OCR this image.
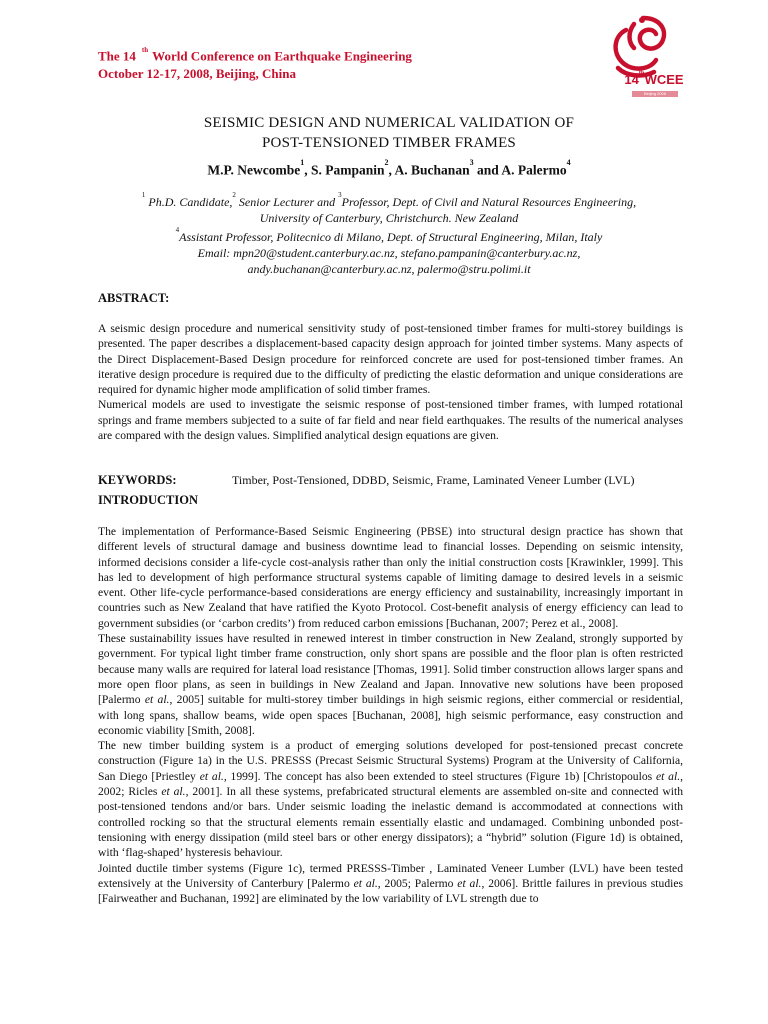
The 14 $^{th}$ World Conference on Earthquake Engineering
October 12-17, 2008, Beijing, China	14thWCEE
Beijing 2008
SEISMIC DESIGN AND NUMERICAL VALIDATION OF
POST-TENSIONED TIMBER FRAMES
M.P. Newcombe$^1$, S. Pampanin$^2$, A. Buchanan$^3$ and A. Palermo$^4$
$^1$ Ph.D. Candidate,$^2$ Senior Lecturer and $^3$Professor, Dept. of Civil and Natural Resources Engineering,
University of Canterbury, Christchurch. New Zealand
$^4$Assistant Professor, Politecnico di Milano, Dept. of Structural Engineering, Milan, Italy
Email: mpn20@student.canterbury.ac.nz, stefano.pampanin@canterbury.ac.nz,
andy.buchanan@canterbury.ac.nz, palermo@stru.polimi.it
ABSTRACT:

A seismic design procedure and numerical sensitivity study of post-tensioned timber frames for multi-storey buildings is presented. The paper describes a displacement-based capacity design approach for jointed timber systems. Many aspects of the Direct Displacement-Based Design procedure for reinforced concrete are used for post-tensioned timber frames. An iterative design procedure is required due to the difficulty of predicting the elastic deformation and unique considerations are required for dynamic higher mode amplification of solid timber frames.

Numerical models are used to investigate the seismic response of post-tensioned timber frames, with lumped rotational springs and frame members subjected to a suite of far field and near field earthquakes. The results of the numerical analyses are compared with the design values. Simplified analytical design equations are given.

KEYWORDS:	Timber, Post-Tensioned, DDBD, Seismic, Frame, Laminated Veneer Lumber (LVL)
INTRODUCTION

The implementation of Performance-Based Seismic Engineering (PBSE) into structural design practice has shown that different levels of structural damage and business downtime lead to financial losses. Depending on seismic intensity, informed decisions consider a life-cycle cost-analysis rather than only the initial construction costs [Krawinkler, 1999]. This has led to development of high performance structural systems capable of limiting damage to desired levels in a seismic event. Other life-cycle performance-based considerations are energy efficiency and sustainability, increasingly important in countries such as New Zealand that have ratified the Kyoto Protocol. Cost-benefit analysis of energy efficiency can lead to government subsidies (or ‘carbon credits’) from reduced carbon emissions [Buchanan, 2007; Perez et al., 2008].

These sustainability issues have resulted in renewed interest in timber construction in New Zealand, strongly supported by government. For typical light timber frame construction, only short spans are possible and the floor plan is often restricted because many walls are required for lateral load resistance [Thomas, 1991]. Solid timber construction allows larger spans and more open floor plans, as seen in buildings in New Zealand and Japan. Innovative new solutions have been proposed [Palermo et al., 2005] suitable for multi-storey timber buildings in high seismic regions, either commercial or residential, with long spans, shallow beams, wide open spaces [Buchanan, 2008], high seismic performance, easy construction and economic viability [Smith, 2008].

The new timber building system is a product of emerging solutions developed for post-tensioned precast concrete construction (Figure 1a) in the U.S. PRESSS (Precast Seismic Structural Systems) Program at the University of California, San Diego [Priestley et al., 1999]. The concept has also been extended to steel structures (Figure 1b) [Christopoulos et al., 2002; Ricles et al., 2001]. In all these systems, prefabricated structural elements are assembled on-site and connected with post-tensioned tendons and/or bars. Under seismic loading the inelastic demand is accommodated at connections with controlled rocking so that the structural elements remain essentially elastic and undamaged. Combining unbonded post-tensioning with energy dissipation (mild steel bars or other energy dissipators); a “hybrid” solution (Figure 1d) is obtained, with ‘flag-shaped’ hysteresis behaviour.

Jointed ductile timber systems (Figure 1c), termed PRESSS-Timber , Laminated Veneer Lumber (LVL) have been tested extensively at the University of Canterbury [Palermo et al., 2005; Palermo et al., 2006]. Brittle failures in previous studies [Fairweather and Buchanan, 1992] are eliminated by the low variability of LVL strength due to
